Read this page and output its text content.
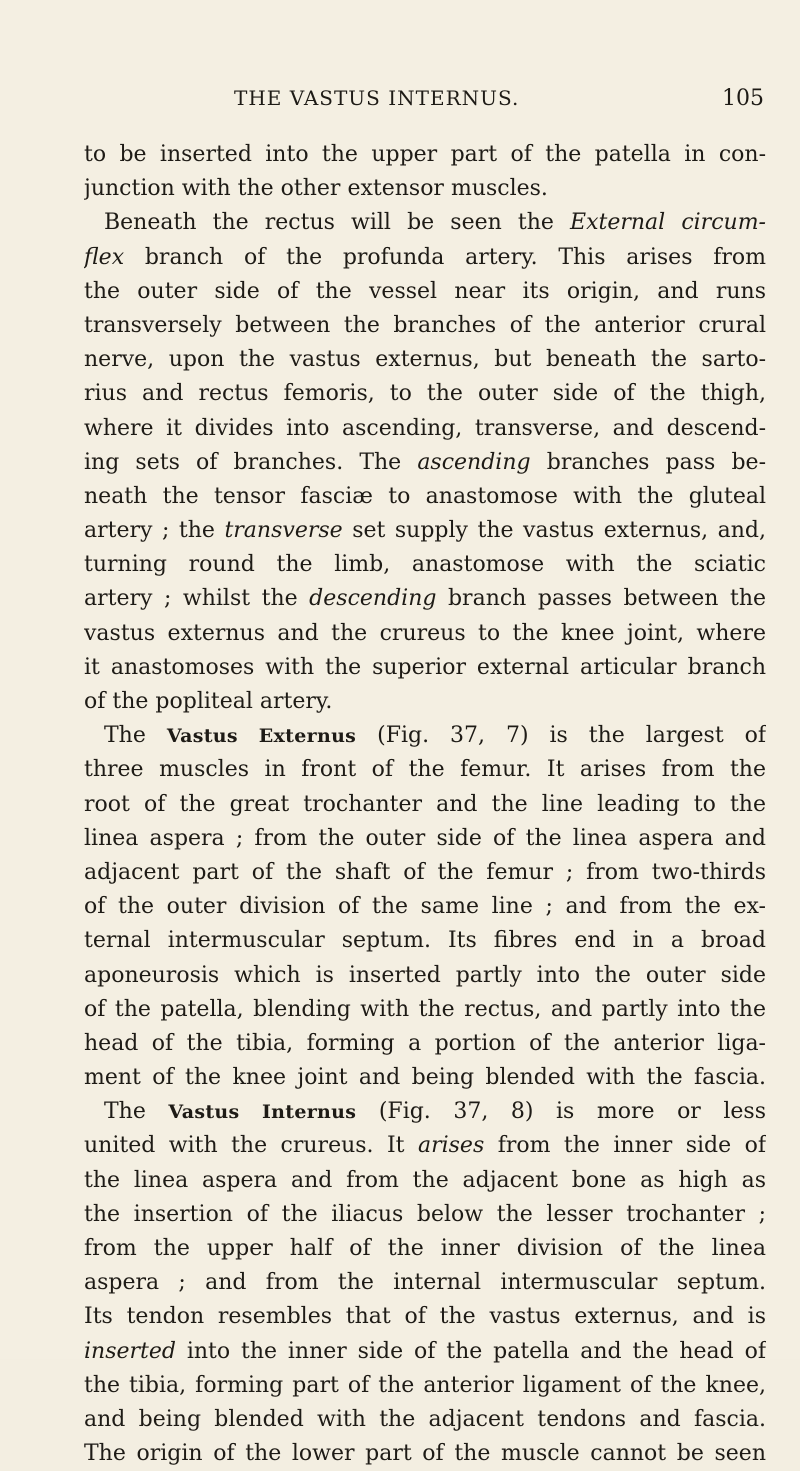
THE VASTUS INTERNUS.	105
to be inserted into the upper part of the patella in con-
junction with the other extensor muscles.
Beneath the rectus will be seen the External circum-
flex branch of the profunda artery. This arises from
the outer side of the vessel near its origin, and runs
transversely between the branches of the anterior crural
nerve, upon the vastus externus, but beneath the sarto-
rius and rectus femoris, to the outer side of the thigh,
where it divides into ascending, transverse, and descend-
ing sets of branches. The ascending branches pass be-
neath the tensor fasciæ to anastomose with the gluteal
artery ; the transverse set supply the vastus externus, and,
turning round the limb, anastomose with the sciatic
artery ; whilst the descending branch passes between the
vastus externus and the crureus to the knee joint, where
it anastomoses with the superior external articular branch
of the popliteal artery.
The Vastus Externus (Fig. 37, 7) is the largest of
three muscles in front of the femur. It arises from the
root of the great trochanter and the line leading to the
linea aspera ; from the outer side of the linea aspera and
adjacent part of the shaft of the femur ; from two-thirds
of the outer division of the same line ; and from the ex-
ternal intermuscular septum. Its fibres end in a broad
aponeurosis which is inserted partly into the outer side
of the patella, blending with the rectus, and partly into the
head of the tibia, forming a portion of the anterior liga-
ment of the knee joint and being blended with the fascia.
The Vastus Internus (Fig. 37, 8) is more or less
united with the crureus. It arises from the inner side of
the linea aspera and from the adjacent bone as high as
the insertion of the iliacus below the lesser trochanter ;
from the upper half of the inner division of the linea
aspera ; and from the internal intermuscular septum.
Its tendon resembles that of the vastus externus, and is
inserted into the inner side of the patella and the head of
the tibia, forming part of the anterior ligament of the knee,
and being blended with the adjacent tendons and fascia.
The origin of the lower part of the muscle cannot be seen
